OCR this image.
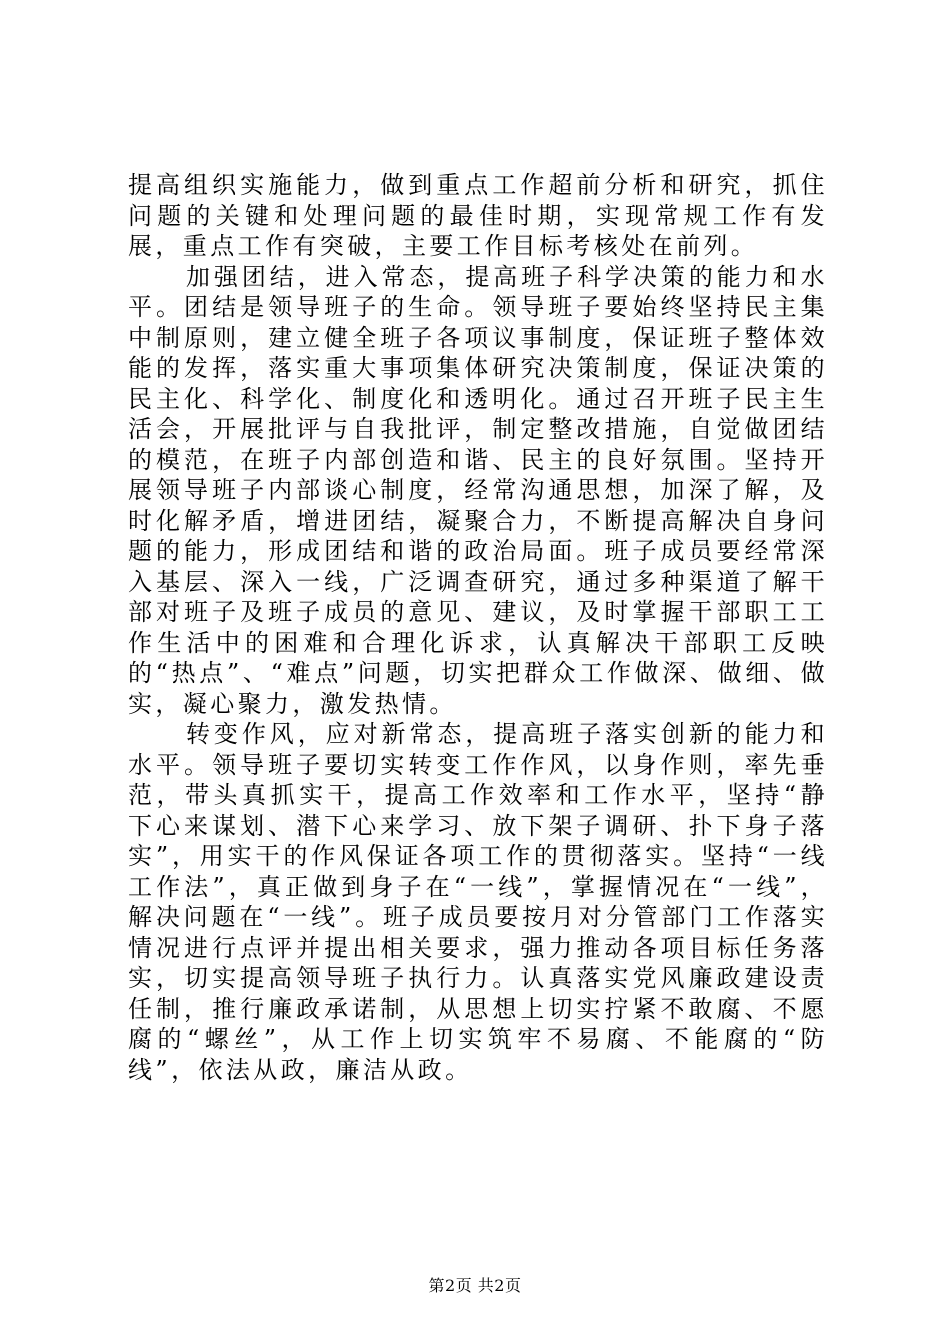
提高组织实施能力，做到重点工作超前分析和研究，抓住问题的关键和处理问题的最佳时期，实现常规工作有发展，重点工作有突破，主要工作目标考核处在前列。

加强团结，进入常态，提高班子科学决策的能力和水平。团结是领导班子的生命。领导班子要始终坚持民主集中制原则，建立健全班子各项议事制度，保证班子整体效能的发挥，落实重大事项集体研究决策制度，保证决策的民主化、科学化、制度化和透明化。通过召开班子民主生活会，开展批评与自我批评，制定整改措施，自觉做团结的模范，在班子内部创造和谐、民主的良好氛围。坚持开展领导班子内部谈心制度，经常沟通思想，加深了解，及时化解矛盾，增进团结，凝聚合力，不断提高解决自身问题的能力，形成团结和谐的政治局面。班子成员要经常深入基层、深入一线，广泛调查研究，通过多种渠道了解干部对班子及班子成员的意见、建议，及时掌握干部职工工作生活中的困难和合理化诉求，认真解决干部职工反映的“热点”、“难点”问题，切实把群众工作做深、做细、做实，凝心聚力，激发热情。

转变作风，应对新常态，提高班子落实创新的能力和水平。领导班子要切实转变工作作风，以身作则，率先垂范，带头真抓实干，提高工作效率和工作水平，坚持“静下心来谋划、潜下心来学习、放下架子调研、扑下身子落实”，用实干的作风保证各项工作的贯彻落实。坚持“一线工作法”，真正做到身子在“一线”，掌握情况在“一线”，解决问题在“一线”。班子成员要按月对分管部门工作落实情况进行点评并提出相关要求，强力推动各项目标任务落实，切实提高领导班子执行力。认真落实党风廉政建设责任制，推行廉政承诺制，从思想上切实拧紧不敢腐、不愿腐的“螺丝”，从工作上切实筑牢不易腐、不能腐的“防线”，依法从政，廉洁从政。

第2页 共2页
